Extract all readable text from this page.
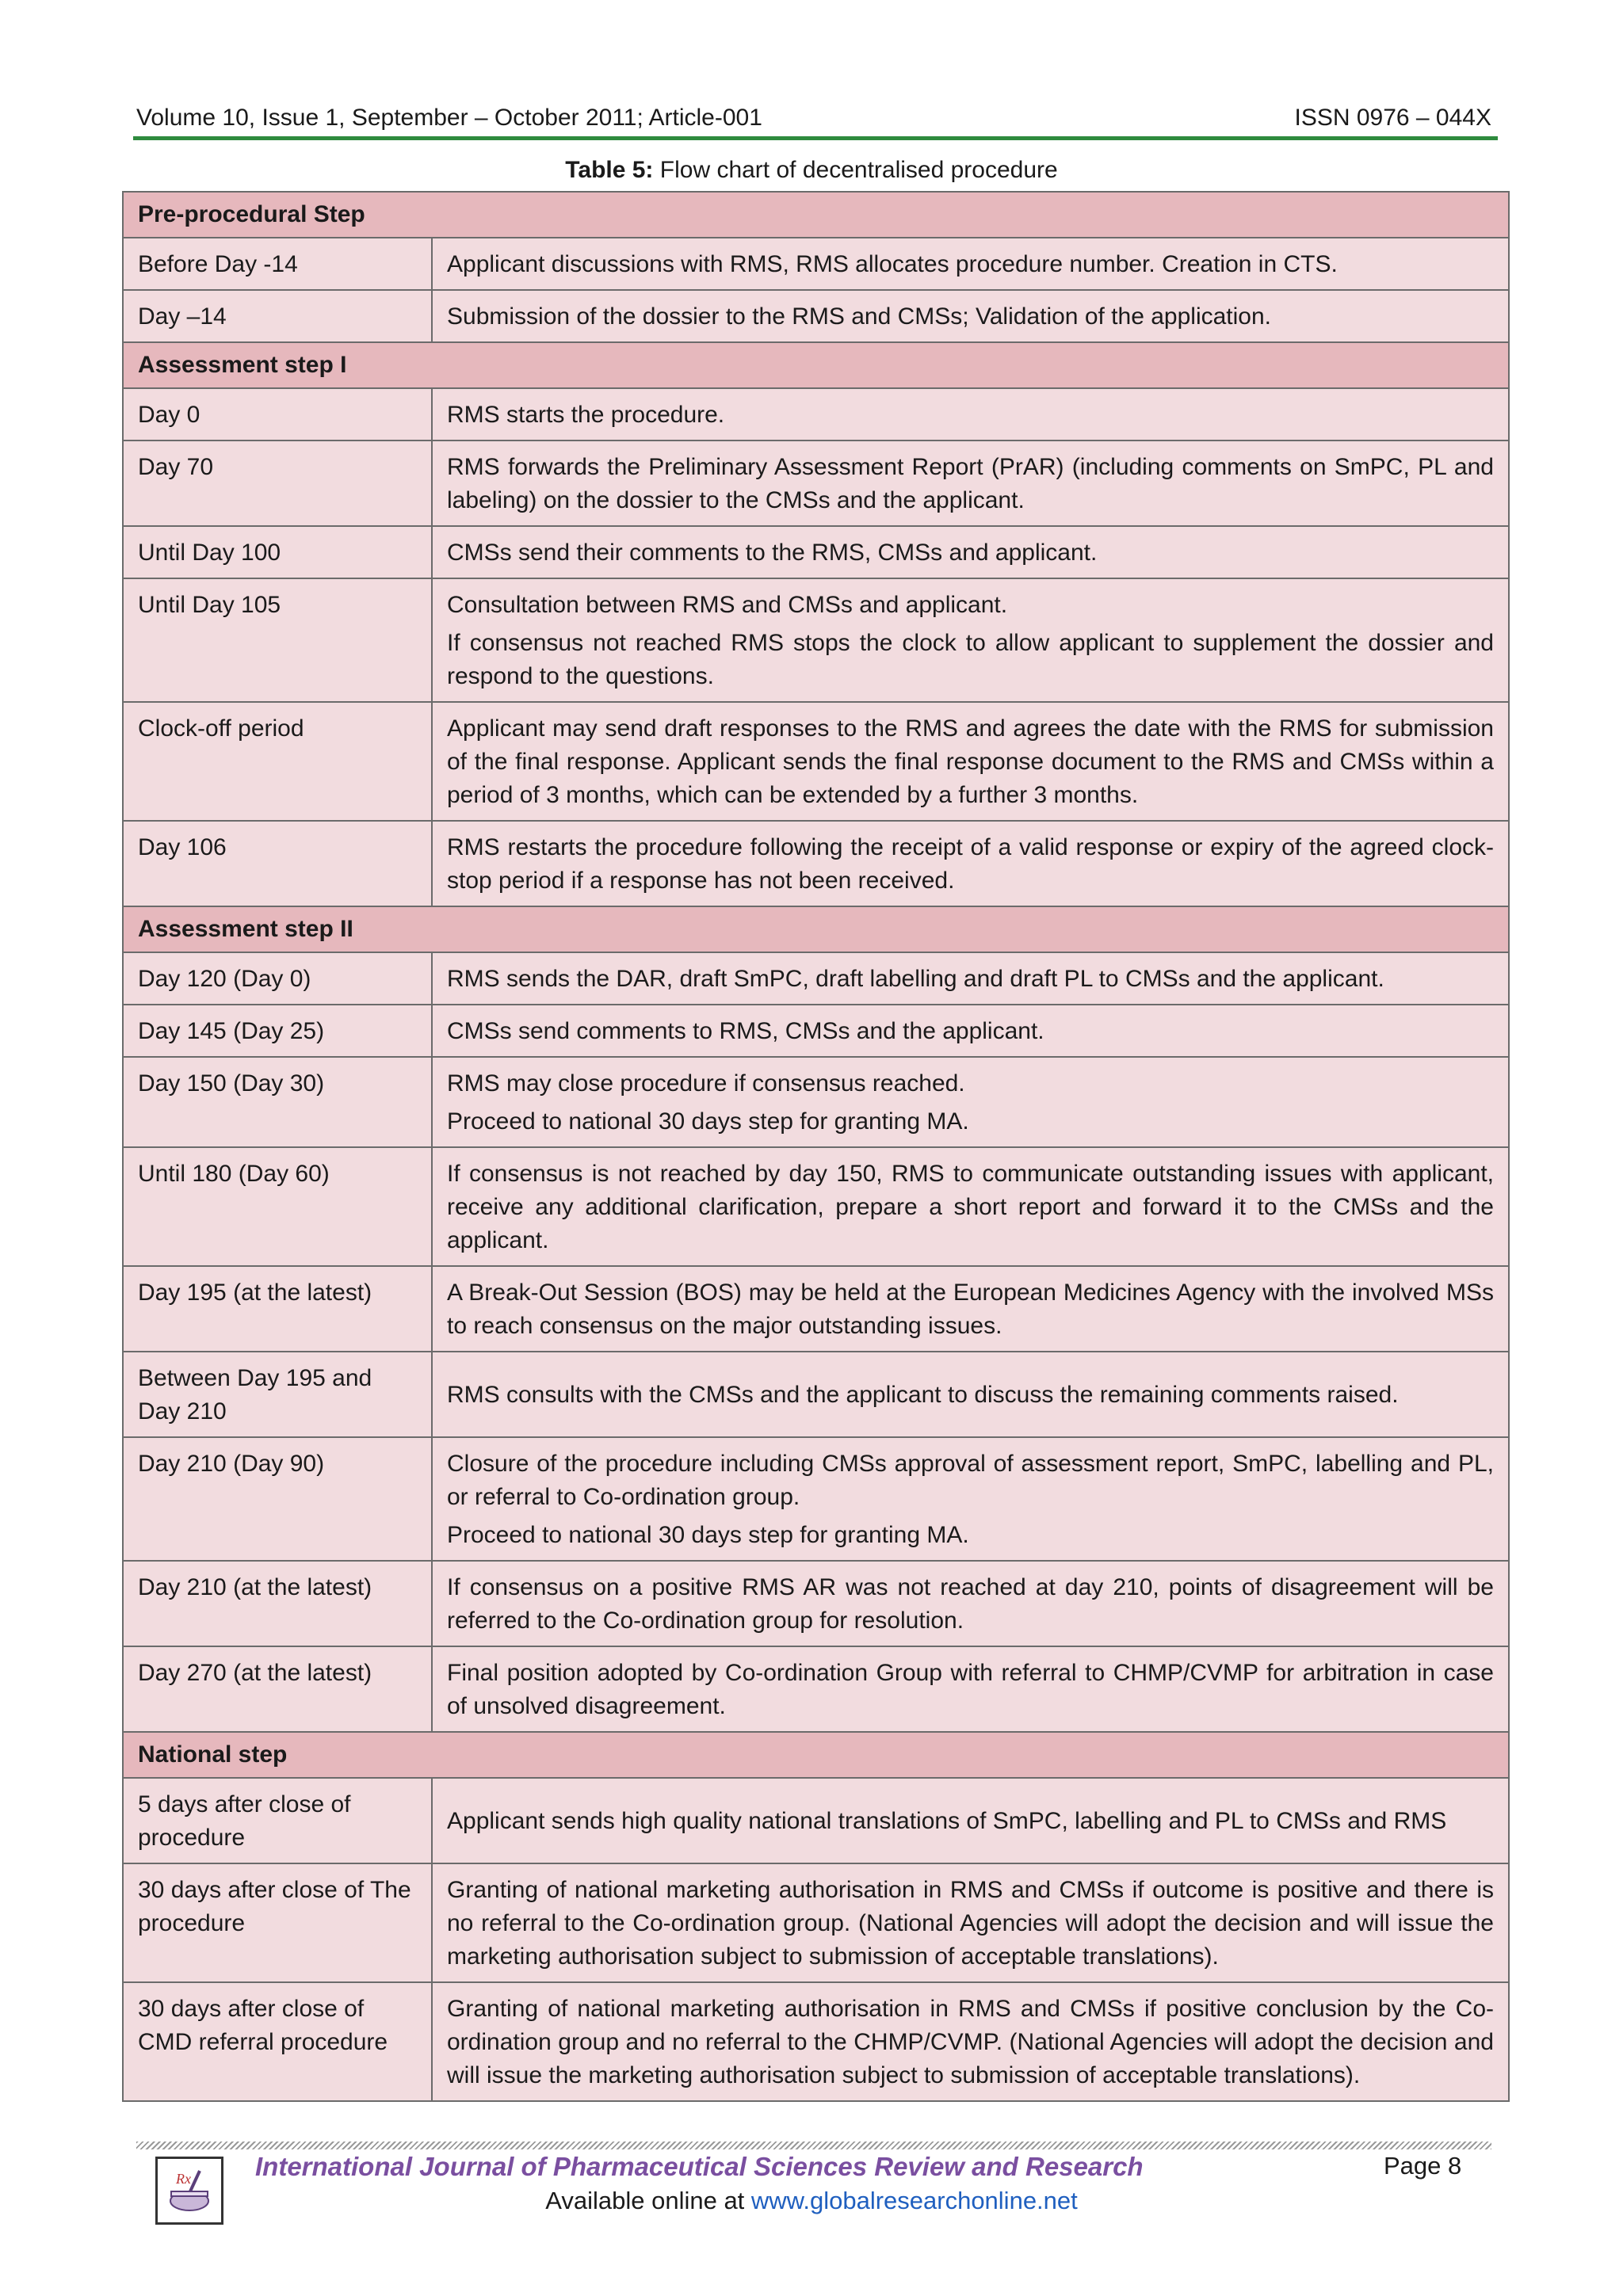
Volume 10, Issue 1, September – October 2011; Article-001	ISSN 0976 – 044X
Table 5: Flow chart of decentralised procedure
Pre-procedural Step	
Before Day -14	Applicant discussions with RMS, RMS allocates procedure number. Creation in CTS.

Day –14	Submission of the dossier to the RMS and CMSs; Validation of the application.

Assessment step I	
Day 0	RMS starts the procedure.

Day 70	RMS forwards the Preliminary Assessment Report (PrAR) (including comments on SmPC, PL and labeling) on the dossier to the CMSs and the applicant.

Until Day 100	CMSs send their comments to the RMS, CMSs and applicant.

Until Day 105	Consultation between RMS and CMSs and applicant.

If consensus not reached RMS stops the clock to allow applicant to supplement the dossier and respond to the questions.

Clock-off period	Applicant may send draft responses to the RMS and agrees the date with the RMS for submission of the final response. Applicant sends the final response document to the RMS and CMSs within a period of 3 months, which can be extended by a further 3 months.

Day 106	RMS restarts the procedure following the receipt of a valid response or expiry of the agreed clock-stop period if a response has not been received.

Assessment step II	
Day 120 (Day 0)	RMS sends the DAR, draft SmPC, draft labelling and draft PL to CMSs and the applicant.

Day 145 (Day 25)	CMSs send comments to RMS, CMSs and the applicant.

Day 150 (Day 30)	RMS may close procedure if consensus reached.

Proceed to national 30 days step for granting MA.

Until 180 (Day 60)	If consensus is not reached by day 150, RMS to communicate outstanding issues with applicant, receive any additional clarification, prepare a short report and forward it to the CMSs and the applicant.

Day 195 (at the latest)	A Break-Out Session (BOS) may be held at the European Medicines Agency with the involved MSs to reach consensus on the major outstanding issues.

Between Day 195 and Day 210	RMS consults with the CMSs and the applicant to discuss the remaining comments raised.

Day 210 (Day 90)	Closure of the procedure including CMSs approval of assessment report, SmPC, labelling and PL, or referral to Co-ordination group.

Proceed to national 30 days step for granting MA.

Day 210 (at the latest)	If consensus on a positive RMS AR was not reached at day 210, points of disagreement will be referred to the Co-ordination group for resolution.

Day 270 (at the latest)	Final position adopted by Co-ordination Group with referral to CHMP/CVMP for arbitration in case of unsolved disagreement.

National step	
5 days after close of procedure	Applicant sends high quality national translations of SmPC, labelling and PL to CMSs and RMS

30 days after close of The procedure	Granting of national marketing authorisation in RMS and CMSs if outcome is positive and there is no referral to the Co-ordination group. (National Agencies will adopt the decision and will issue the marketing authorisation subject to submission of acceptable translations).

30 days after close of CMD referral procedure	Granting of national marketing authorisation in RMS and CMSs if positive conclusion by the Co-ordination group and no referral to the CHMP/CVMP. (National Agencies will adopt the decision and will issue the marketing authorisation subject to submission of acceptable translations).

Rx International Journal of Pharmaceutical Sciences Review and Research	Page 8
Available online at www.globalresearchonline.net
